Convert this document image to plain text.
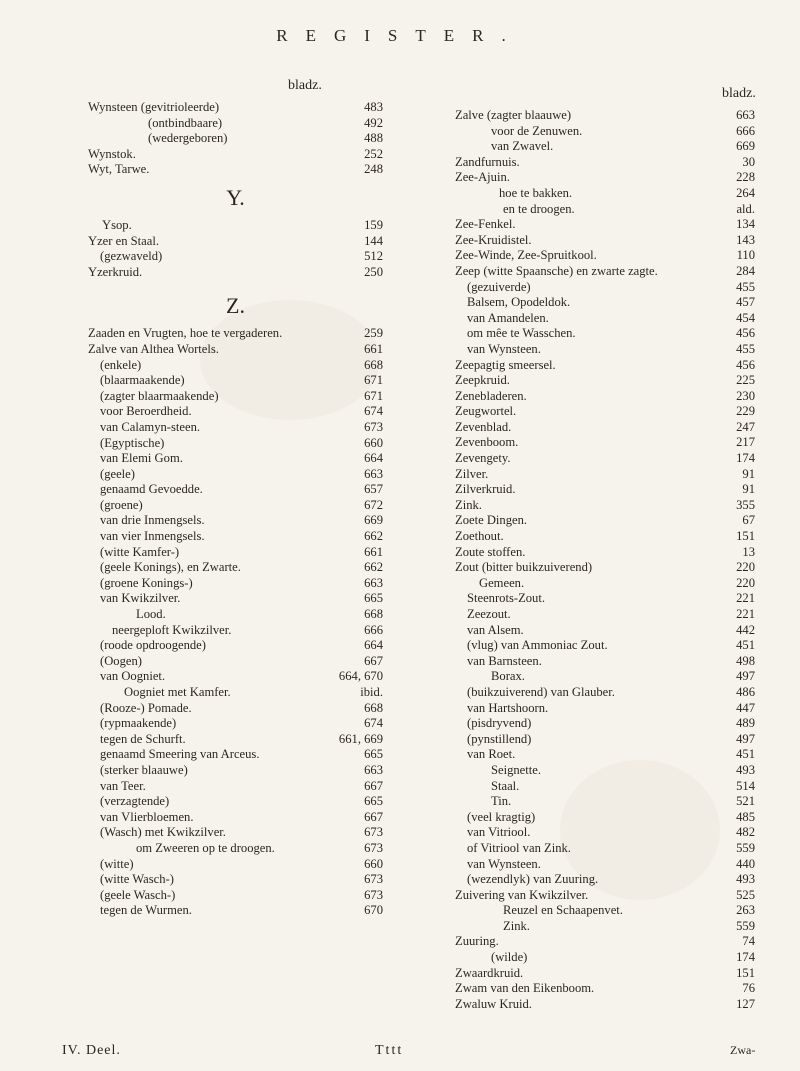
REGISTER.
bladz.
bladz.
Wynsteen (gevitrioleerde)	483
(ontbindbaare)	492
(wedergeboren)	488
Wynstok.	252
Wyt, Tarwe.	248
Y.
Ysop.	159
Yzer en Staal.	144
(gezwaveld)	512
Yzerkruid.	250
Z.
Zaaden en Vrugten, hoe te vergaderen.	259
Zalve van Althea Wortels.	661
(enkele)	668
(blaarmaakende)	671
(zagter blaarmaakende)	671
voor Beroerdheid.	674
van Calamyn-steen.	673
(Egyptische)	660
van Elemi Gom.	664
(geele)	663
genaamd Gevoedde.	657
(groene)	672
van drie Inmengsels.	669
van vier Inmengsels.	662
(witte Kamfer-)	661
(geele Konings), en Zwarte.	662
(groene Konings-)	663
van Kwikzilver.	665
Lood.	668
neergeploft Kwikzilver.	666
(roode opdroogende)	664
(Oogen)	667
van Oogniet.	664, 670
Oogniet met Kamfer.	ibid.
(Rooze-) Pomade.	668
(rypmaakende)	674
tegen de Schurft.	661, 669
genaamd Smeering van Arceus.	665
(sterker blaauwe)	663
van Teer.	667
(verzagtende)	665
van Vlierbloemen.	667
(Wasch) met Kwikzilver.	673
om Zweeren op te droogen.	673
(witte)	660
(witte Wasch-)	673
(geele Wasch-)	673
tegen de Wurmen.	670
Zalve (zagter blaauwe)	663
voor de Zenuwen.	666
van Zwavel.	669
Zandfurnuis.	30
Zee-Ajuin.	228
hoe te bakken.	264
en te droogen.	ald.
Zee-Fenkel.	134
Zee-Kruidistel.	143
Zee-Winde, Zee-Spruitkool.	110
Zeep (witte Spaansche) en zwarte zagte.	284
(gezuiverde)	455
Balsem, Opodeldok.	457
van Amandelen.	454
om mêe te Wasschen.	456
van Wynsteen.	455
Zeepagtig smeersel.	456
Zeepkruid.	225
Zenebladeren.	230
Zeugwortel.	229
Zevenblad.	247
Zevenboom.	217
Zevengety.	174
Zilver.	91
Zilverkruid.	91
Zink.	355
Zoete Dingen.	67
Zoethout.	151
Zoute stoffen.	13
Zout (bitter buikzuiverend)	220
Gemeen.	220
Steenrots-Zout.	221
Zeezout.	221
van Alsem.	442
(vlug) van Ammoniac Zout.	451
van Barnsteen.	498
Borax.	497
(buikzuiverend) van Glauber.	486
van Hartshoorn.	447
(pisdryvend)	489
(pynstillend)	497
van Roet.	451
Seignette.	493
Staal.	514
Tin.	521
(veel kragtig)	485
van Vitriool.	482
of Vitriool van Zink.	559
van Wynsteen.	440
(wezendlyk) van Zuuring.	493
Zuivering van Kwikzilver.	525
Reuzel en Schaapenvet.	263
Zink.	559
Zuuring.	74
(wilde)	174
Zwaardkruid.	151
Zwam van den Eikenboom.	76
Zwaluw Kruid.	127
IV. Deel.	Tttt	Zwa-
